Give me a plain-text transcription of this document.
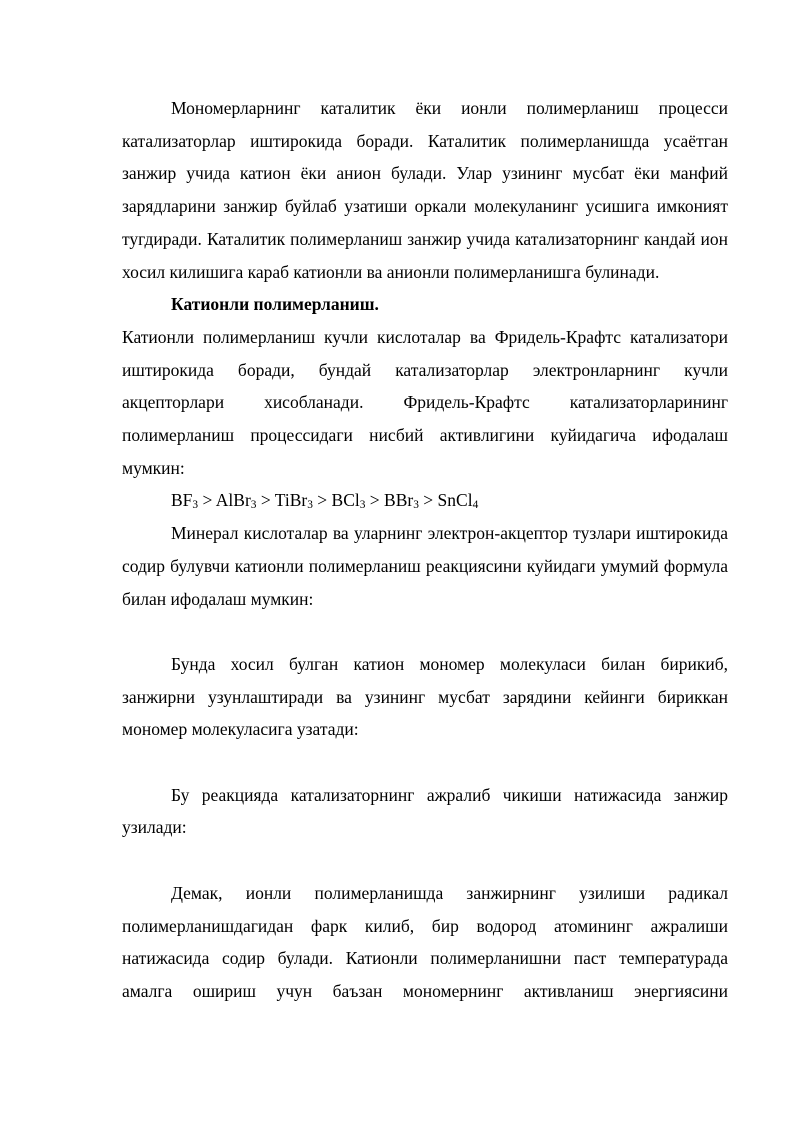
Мономерларнинг каталитик ёки ионли полимерланиш процесси катализаторлар иштирокида боради. Каталитик полимерланишда усаётган занжир учида катион ёки анион булади. Улар узининг мусбат ёки манфий зарядларини занжир буйлаб узатиши оркали молекуланинг усишига имконият тугдиради. Каталитик полимерланиш занжир учида катализаторнинг кандай ион хосил килишига караб катионли ва анионли полимерланишга булинади.

Катионли полимерланиш.

Катионли полимерланиш кучли кислоталар ва Фридель-Крафтс катализатори иштирокида боради, бундай катализаторлар электронларнинг кучли акцепторлари хисобланади. Фридель-Крафтс катализаторларининг полимерланиш процессидаги нисбий активлигини куйидагича ифодалаш мумкин:

$BF_3$ > AlBr$_3$ > TiBr$_3$ > BCl$_3$ > BBr$_3$ > SnCl$_4$

Минерал кислоталар ва уларнинг электрон-акцептор тузлари иштирокида содир булувчи катионли полимерланиш реакциясини куйидаги умумий формула билан ифодалаш мумкин:

Бунда хосил булган катион мономер молекуласи билан бирикиб, занжирни узунлаштиради ва узининг мусбат зарядини кейинги бириккан мономер молекуласига узатади:

Бу реакцияда катализаторнинг ажралиб чикиши натижасида занжир узилади:

Демак, ионли полимерланишда занжирнинг узилиши радикал полимерланишдагидан фарк килиб, бир водород атомининг ажралиши натижасида содир булади. Катионли полимерланишни паст температурада амалга ошириш учун баъзан мономернинг активланиш энергиясини
